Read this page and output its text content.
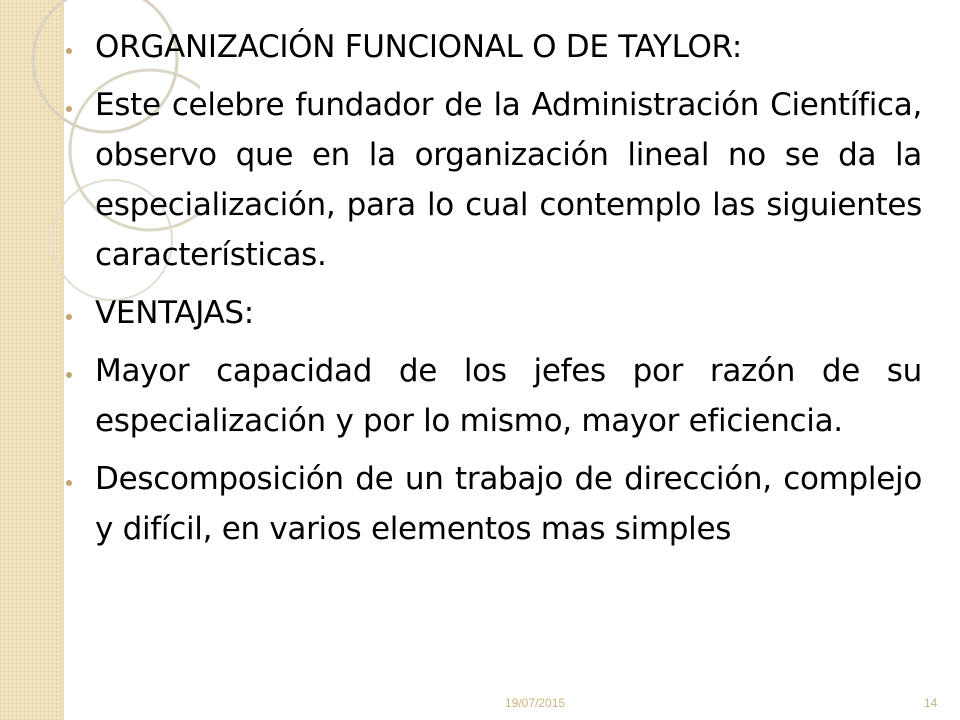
ORGANIZACIÓN FUNCIONAL O DE TAYLOR:
Este celebre fundador de la Administración Científica, observo que en la organización lineal no se da la especialización, para lo cual contemplo las siguientes características.
VENTAJAS:
Mayor capacidad de los jefes por razón de su especialización y por lo mismo, mayor eficiencia.
Descomposición de un trabajo de dirección, complejo y difícil, en varios elementos mas simples
19/07/2015	14
